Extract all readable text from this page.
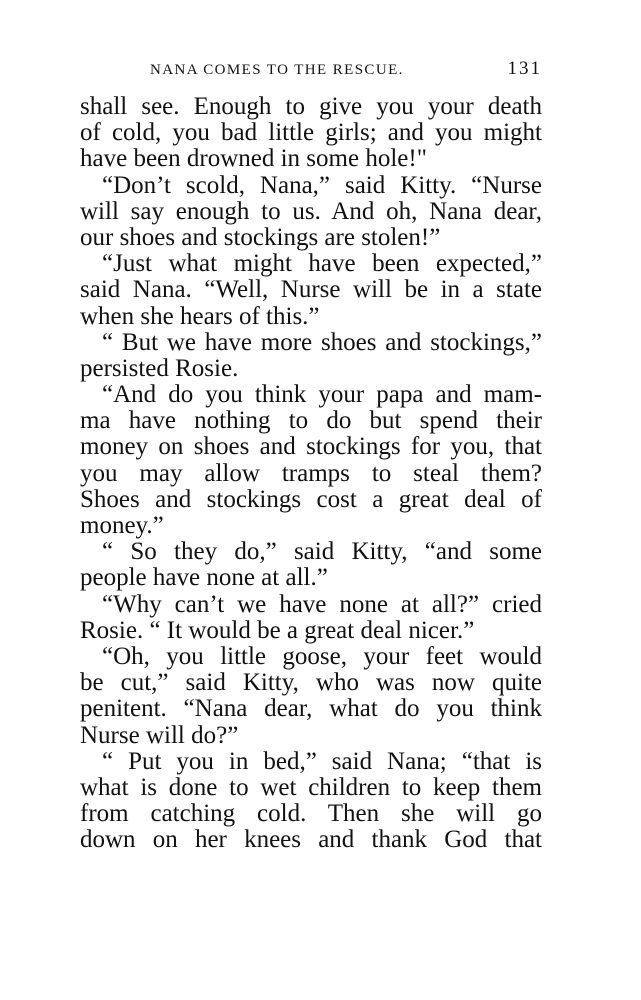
NANA COMES TO THE RESCUE.	131
shall see. Enough to give you your death
of cold, you bad little girls; and you might
have been drowned in some hole!"
“Don’t scold, Nana,” said Kitty. “Nurse
will say enough to us. And oh, Nana dear,
our shoes and stockings are stolen!”
“Just what might have been expected,”
said Nana. “Well, Nurse will be in a state
when she hears of this.”
“ But we have more shoes and stockings,”
persisted Rosie.
“And do you think your papa and mam-
ma have nothing to do but spend their
money on shoes and stockings for you, that
you may allow tramps to steal them?
Shoes and stockings cost a great deal of
money.”
“ So they do,” said Kitty, “and some
people have none at all.”
“Why can’t we have none at all?” cried
Rosie. “ It would be a great deal nicer.”
“Oh, you little goose, your feet would
be cut,” said Kitty, who was now quite
penitent. “Nana dear, what do you think
Nurse will do?”
“ Put you in bed,” said Nana; “that is
what is done to wet children to keep them
from catching cold. Then she will go
down on her knees and thank God that
